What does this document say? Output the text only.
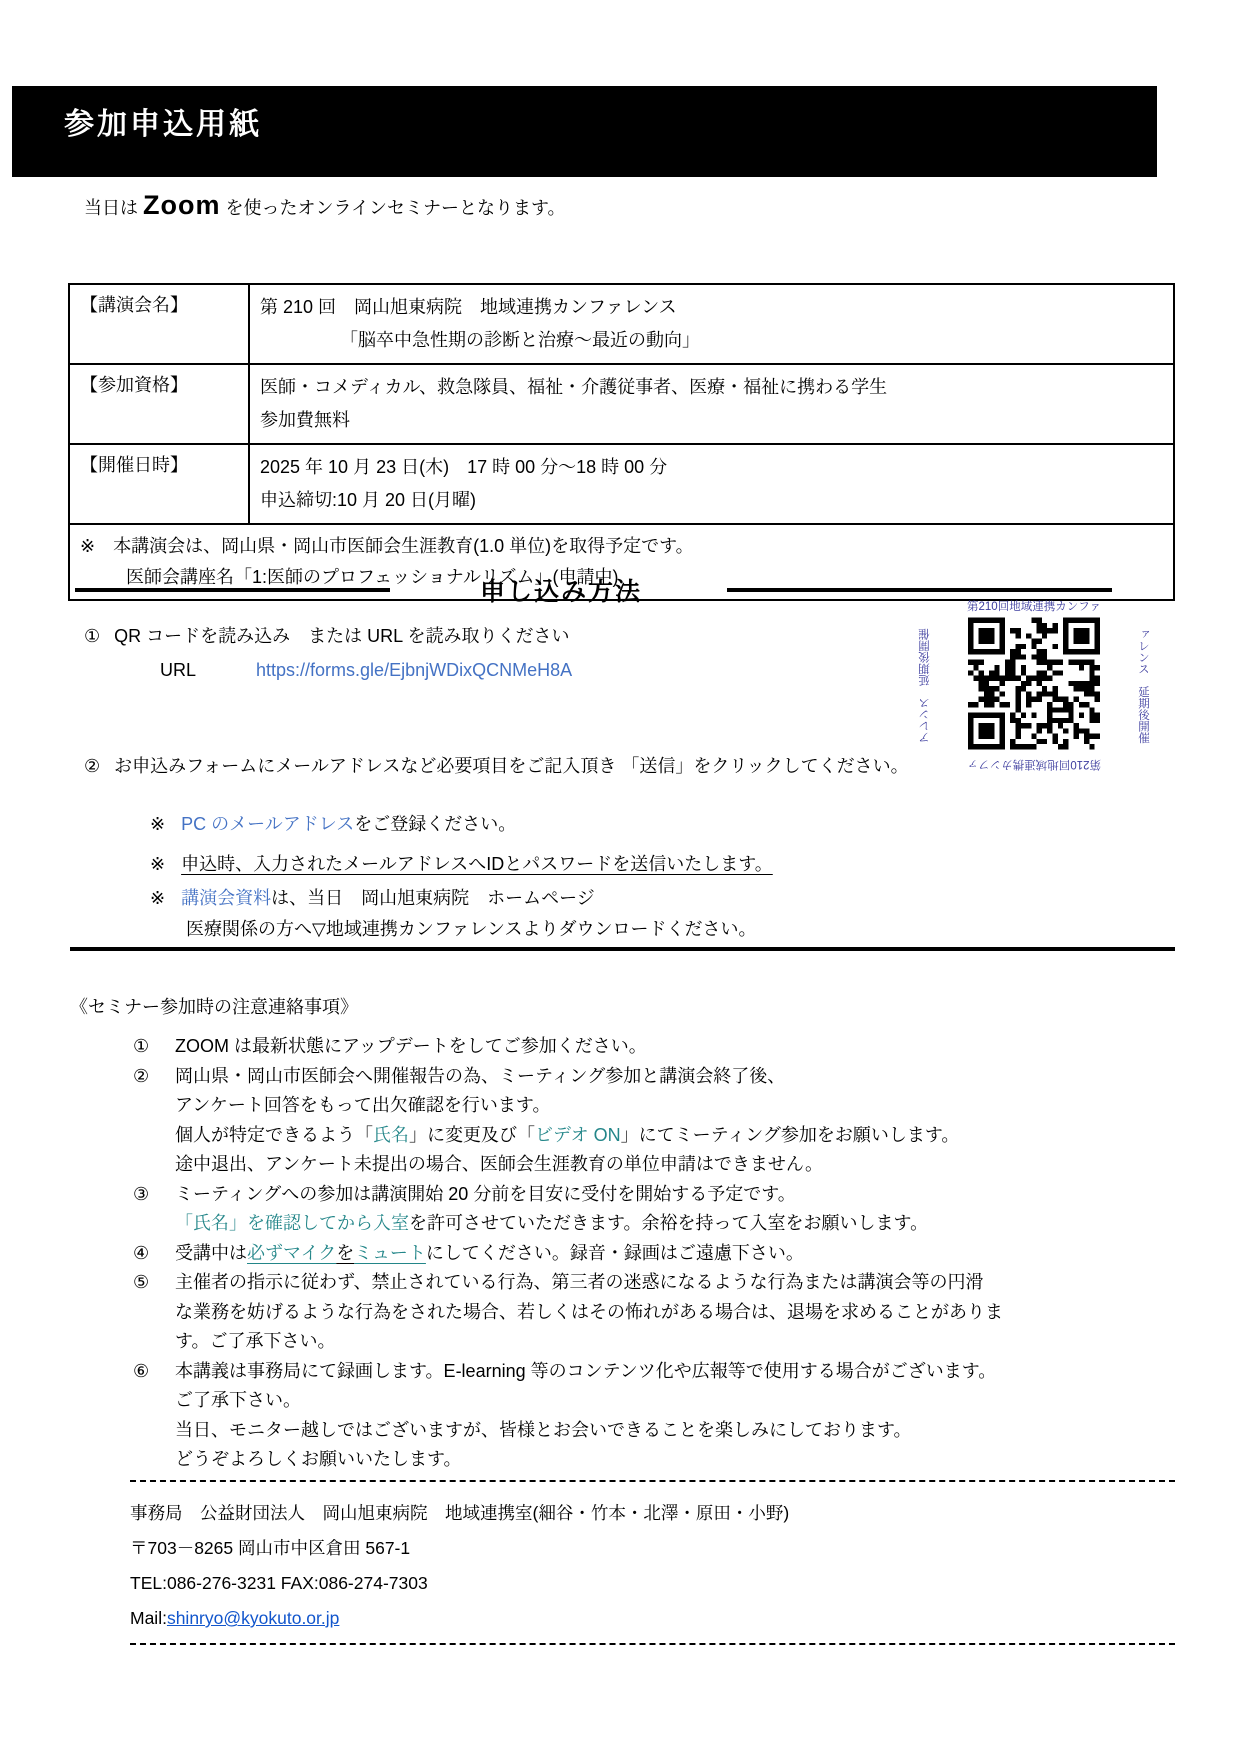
参加申込用紙
当日は Zoom を使ったオンラインセミナーとなります。
【講演会名】	第 210 回　岡山旭東病院　地域連携カンファレンス
「脳卒中急性期の診断と治療～最近の動向」

【参加資格】	医師・コメディカル、救急隊員、福祉・介護従事者、医療・福祉に携わる学生
参加費無料

【開催日時】	2025 年 10 月 23 日(木)　17 時 00 分～18 時 00 分
申込締切:10 月 20 日(月曜)

※　本講演会は、岡山県・岡山市医師会生涯教育(1.0 単位)を取得予定です。
医師会講座名「1:医師のプロフェッショナルリズム」(申請中)	
申し込み方法
① QR コードを読み込み　または URL を読み取りください
URL	https://forms.gle/EjbnjWDixQCNMeH8A
第210回地域連携カンファ
ァレンス　延期後開催
第210回地域連携カンファ
アレンス　延期後開催
② お申込みフォームにメールアドレスなど必要項目をご記入頂き 「送信」をクリックしてください。
※ PC のメールアドレスをご登録ください。
※ 申込時、入力されたメールアドレスへIDとパスワードを送信いたします。
※ 講演会資料は、当日　岡山旭東病院　ホームページ
医療関係の方へ▽地域連携カンファレンスよりダウンロードください。
《セミナー参加時の注意連絡事項》
①	ZOOM は最新状態にアップデートをしてご参加ください。
②	岡山県・岡山市医師会へ開催報告の為、ミーティング参加と講演会終了後、
アンケート回答をもって出欠確認を行います。
個人が特定できるよう「氏名」に変更及び「ビデオ ON」にてミーティング参加をお願いします。
途中退出、アンケート未提出の場合、医師会生涯教育の単位申請はできません。
③	ミーティングへの参加は講演開始 20 分前を目安に受付を開始する予定です。
「氏名」を確認してから入室を許可させていただきます。余裕を持って入室をお願いします。
④	受講中は必ずマイクをミュートにしてください。録音・録画はご遠慮下さい。
⑤	主催者の指示に従わず、禁止されている行為、第三者の迷惑になるような行為または講演会等の円滑
な業務を妨げるような行為をされた場合、若しくはその怖れがある場合は、退場を求めることがありま
す。ご了承下さい。
⑥	本講義は事務局にて録画します。E-learning 等のコンテンツ化や広報等で使用する場合がございます。
ご了承下さい。
当日、モニター越しではございますが、皆様とお会いできることを楽しみにしております。
どうぞよろしくお願いいたします。
事務局　公益財団法人　岡山旭東病院　地域連携室(細谷・竹本・北澤・原田・小野)
〒703－8265 岡山市中区倉田 567-1
TEL:086-276-3231 FAX:086-274-7303
Mail:shinryo@kyokuto.or.jp
